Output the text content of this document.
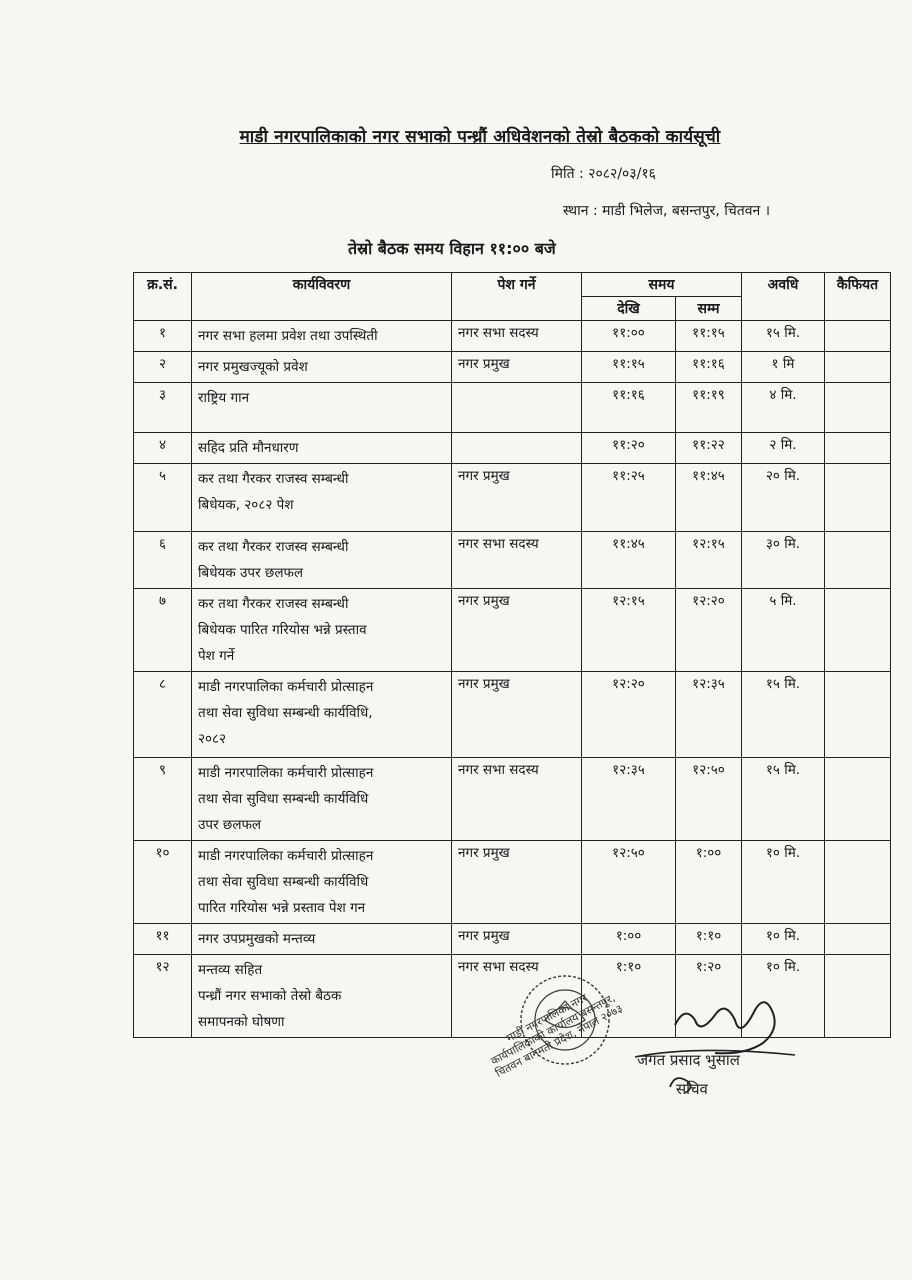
माडी नगरपालिकाको नगर सभाको पन्ध्रौं अधिवेशनको तेस्रो बैठकको कार्यसूची
मिति : २०८२/०३/१६
स्थान : माडी भिलेज, बसन्तपुर, चितवन ।
तेस्रो बैठक समय विहान ११:०० बजे
क्र.सं.	कार्यविवरण	पेश गर्ने	समय		अवधि	कैफियत
			देखि	सम्म		
१	नगर सभा हलमा प्रवेश तथा उपस्थिती	नगर सभा सदस्य	११:००	११:१५	१५ मि.	
२	नगर प्रमुखज्यूको प्रवेश	नगर प्रमुख	११:१५	११:१६	१ मि	
३	राष्ट्रिय गान		११:१६	११:१९	४ मि.	
४	सहिद प्रति मौनधारण		११:२०	११:२२	२ मि.	
५	कर तथा गैरकर राजस्व सम्बन्धी
बिधेयक, २०८२ पेश	नगर प्रमुख	११:२५	११:४५	२० मि.	
६	कर तथा गैरकर राजस्व सम्बन्धी
बिधेयक उपर छलफल	नगर सभा सदस्य	११:४५	१२:१५	३० मि.	
७	कर तथा गैरकर राजस्व सम्बन्धी
बिधेयक पारित गरियोस भन्ने प्रस्ताव
पेश गर्ने	नगर प्रमुख	१२:१५	१२:२०	५ मि.	
८	माडी नगरपालिका कर्मचारी प्रोत्साहन
तथा सेवा सुविधा सम्बन्धी कार्यविधि,
२०८२	नगर प्रमुख	१२:२०	१२:३५	१५ मि.	
९	माडी नगरपालिका कर्मचारी प्रोत्साहन
तथा सेवा सुविधा सम्बन्धी कार्यविधि
उपर छलफल	नगर सभा सदस्य	१२:३५	१२:५०	१५ मि.	
१०	माडी नगरपालिका कर्मचारी प्रोत्साहन
तथा सेवा सुविधा सम्बन्धी कार्यविधि
पारित गरियोस भन्ने प्रस्ताव पेश गन	नगर प्रमुख	१२:५०	१:००	१० मि.	
११	नगर उपप्रमुखको मन्तव्य	नगर प्रमुख	१:००	१:१०	१० मि.	
१२	मन्तव्य सहित
पन्ध्रौं नगर सभाको तेस्रो बैठक
समापनको घोषणा	नगर सभा सदस्य	१:१०	१:२०	१० मि.	
माडी नगरपालिका नगर कार्यपालिकाको कार्यालय बसन्तपुर, चितवन बागमती प्रदेश, नेपाल २०७३ जगत प्रसाद भुसाल
सचिव
